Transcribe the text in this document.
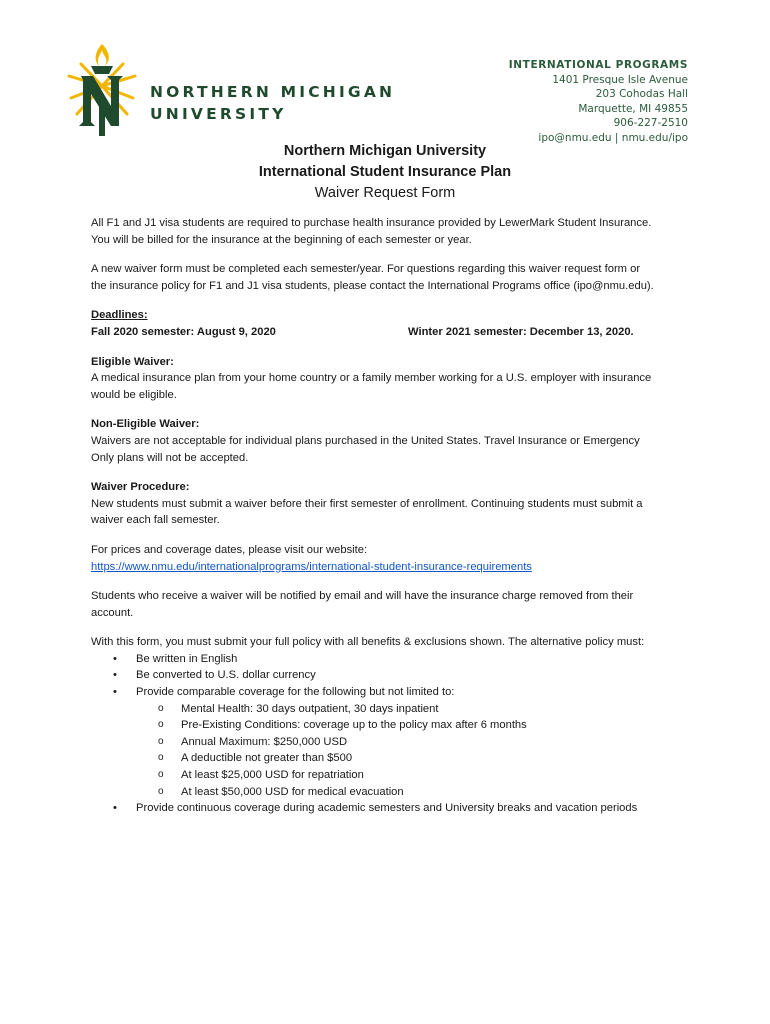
NORTHERN MICHIGAN
UNIVERSITY
INTERNATIONAL PROGRAMS
1401 Presque Isle Avenue
203 Cohodas Hall
Marquette, MI 49855
906-227-2510
ipo@nmu.edu | nmu.edu/ipo
Northern Michigan University
International Student Insurance Plan
Waiver Request Form

All F1 and J1 visa students are required to purchase health insurance provided by LewerMark Student Insurance.

You will be billed for the insurance at the beginning of each semester or year.

A new waiver form must be completed each semester/year. For questions regarding this waiver request form or

the insurance policy for F1 and J1 visa students, please contact the International Programs office (ipo@nmu.edu).

Deadlines:

Fall 2020 semester: August 9, 2020	Winter 2021 semester: December 13, 2020.

Eligible Waiver:

A medical insurance plan from your home country or a family member working for a U.S. employer with insurance

would be eligible.

Non-Eligible Waiver:

Waivers are not acceptable for individual plans purchased in the United States. Travel Insurance or Emergency

Only plans will not be accepted.

Waiver Procedure:

New students must submit a waiver before their first semester of enrollment. Continuing students must submit a

waiver each fall semester.

For prices and coverage dates, please visit our website:

https://www.nmu.edu/internationalprograms/international-student-insurance-requirements

Students who receive a waiver will be notified by email and will have the insurance charge removed from their

account.

With this form, you must submit your full policy with all benefits & exclusions shown. The alternative policy must:

• Be written in English
• Be converted to U.S. dollar currency
• Provide comparable coverage for the following but not limited to:
o Mental Health: 30 days outpatient, 30 days inpatient
o Pre-Existing Conditions: coverage up to the policy max after 6 months
o Annual Maximum: $250,000 USD
o A deductible not greater than $500
o At least $25,000 USD for repatriation
o At least $50,000 USD for medical evacuation
• Provide continuous coverage during academic semesters and University breaks and vacation periods
